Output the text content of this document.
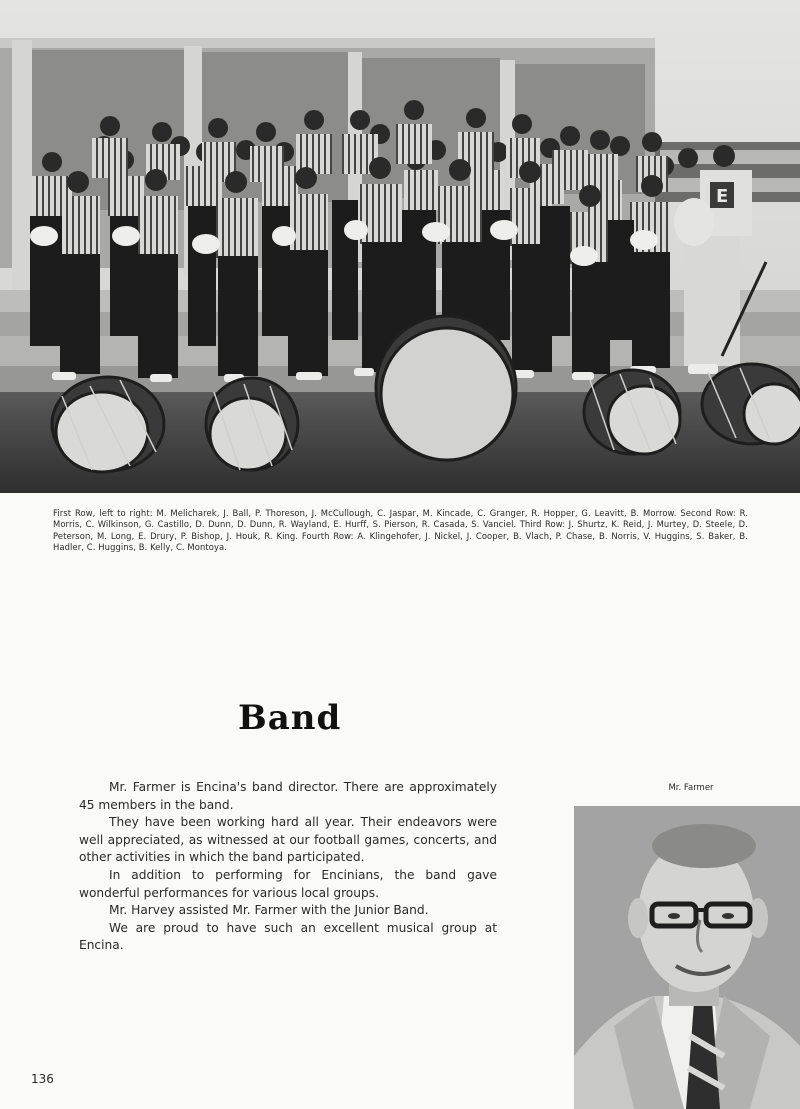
E
First Row, left to right: M. Melicharek, J. Ball, P. Thoreson, J. McCullough, C. Jaspar, M. Kincade, C. Granger, R. Hopper, G. Leavitt, B. Morrow. Second Row: R. Morris, C. Wilkinson, G. Castillo, D. Dunn, D. Dunn, R. Wayland, E. Hurff, S. Pierson, R. Casada, S. Vanciel. Third Row: J. Shurtz, K. Reid, J. Murtey, D. Steele, D. Peterson, M. Long, E. Drury, P. Bishop, J. Houk, R. King. Fourth Row: A. Klingehofer, J. Nickel, J. Cooper, B. Vlach, P. Chase, B. Norris, V. Huggins, S. Baker, B. Hadler, C. Huggins, B. Kelly, C. Montoya.
Band

Mr. Farmer is Encina's band director. There are approximately 45 members in the band.

They have been working hard all year. Their endeavors were well appreciated, as witnessed at our football games, concerts, and other activities in which the band participated.

In addition to performing for Encinians, the band gave wonderful performances for various local groups.

Mr. Harvey assisted Mr. Farmer with the Junior Band.

We are proud to have such an excellent musical group at Encina.

Mr. Farmer
136
